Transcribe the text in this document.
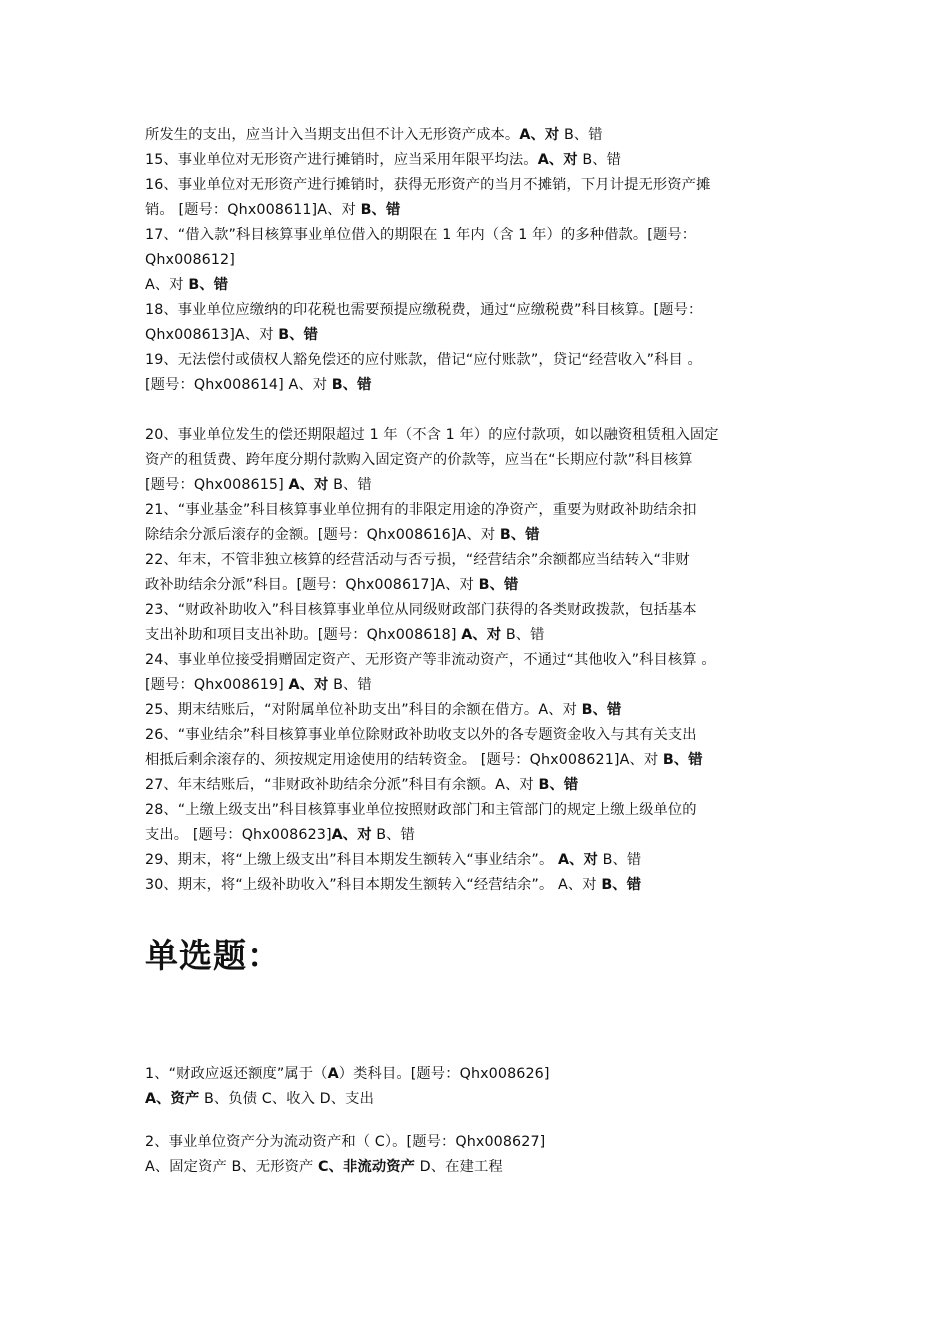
所发生的支出，应当计入当期支出但不计入无形资产成本。A、对 B、错
15、事业单位对无形资产进行摊销时，应当采用年限平均法。A、对 B、错
16、事业单位对无形资产进行摊销时，获得无形资产的当月不摊销，下月计提无形资产摊
销。 [题号：Qhx008611]A、对 B、错
17、“借入款”科目核算事业单位借入的期限在 1 年内（含 1 年）的多种借款。[题号：
Qhx008612]
A、对 B、错
18、事业单位应缴纳的印花税也需要预提应缴税费，通过“应缴税费”科目核算。[题号：
Qhx008613]A、对 B、错
19、无法偿付或债权人豁免偿还的应付账款，借记“应付账款”，贷记“经营收入”科目 。
[题号：Qhx008614] A、对 B、错
20、事业单位发生的偿还期限超过 1 年（不含 1 年）的应付款项，如以融资租赁租入固定
资产的租赁费、跨年度分期付款购入固定资产的价款等，应当在“长期应付款”科目核算
[题号：Qhx008615] A、对 B、错
21、“事业基金”科目核算事业单位拥有的非限定用途的净资产，重要为财政补助结余扣
除结余分派后滚存的金额。[题号：Qhx008616]A、对 B、错
22、年末，不管非独立核算的经营活动与否亏损，“经营结余”余额都应当结转入“非财
政补助结余分派”科目。[题号：Qhx008617]A、对 B、错
23、“财政补助收入”科目核算事业单位从同级财政部门获得的各类财政拨款，包括基本
支出补助和项目支出补助。[题号：Qhx008618] A、对 B、错
24、事业单位接受捐赠固定资产、无形资产等非流动资产，不通过“其他收入”科目核算 。
[题号：Qhx008619] A、对 B、错
25、期末结账后，“对附属单位补助支出”科目的余额在借方。A、对 B、错
26、“事业结余”科目核算事业单位除财政补助收支以外的各专题资金收入与其有关支出
相抵后剩余滚存的、须按规定用途使用的结转资金。 [题号：Qhx008621]A、对 B、错
27、年末结账后，“非财政补助结余分派”科目有余额。A、对 B、错
28、“上缴上级支出”科目核算事业单位按照财政部门和主管部门的规定上缴上级单位的
支出。 [题号：Qhx008623]A、对 B、错
29、期末，将“上缴上级支出”科目本期发生额转入“事业结余”。 A、对 B、错
30、期末，将“上级补助收入”科目本期发生额转入“经营结余”。 A、对 B、错
单选题：
1、“财政应返还额度”属于（A）类科目。[题号：Qhx008626]
A、资产 B、负债 C、收入 D、支出
2、事业单位资产分为流动资产和（ C）。[题号：Qhx008627]
A、固定资产 B、无形资产 C、非流动资产 D、在建工程
